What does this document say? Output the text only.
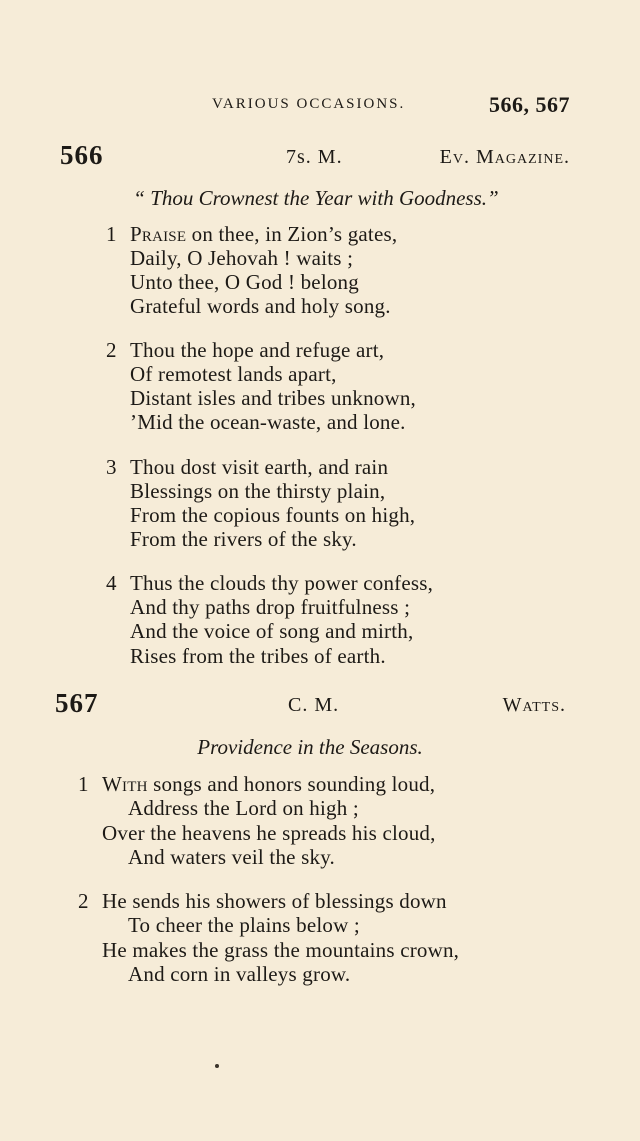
VARIOUS OCCASIONS.	566, 567
566	7s. M.	Ev. Magazine.
“ Thou Crownest the Year with Goodness.”
1 Praise on thee, in Zion’s gates,
Daily, O Jehovah ! waits ;
Unto thee, O God ! belong
Grateful words and holy song.
2 Thou the hope and refuge art,
Of remotest lands apart,
Distant isles and tribes unknown,
’Mid the ocean-waste, and lone.
3 Thou dost visit earth, and rain
Blessings on the thirsty plain,
From the copious founts on high,
From the rivers of the sky.
4 Thus the clouds thy power confess,
And thy paths drop fruitfulness ;
And the voice of song and mirth,
Rises from the tribes of earth.
567	C. M.	Watts.
Providence in the Seasons.
1 With songs and honors sounding loud,
Address the Lord on high ;
Over the heavens he spreads his cloud,
And waters veil the sky.
2 He sends his showers of blessings down
To cheer the plains below ;
He makes the grass the mountains crown,
And corn in valleys grow.
